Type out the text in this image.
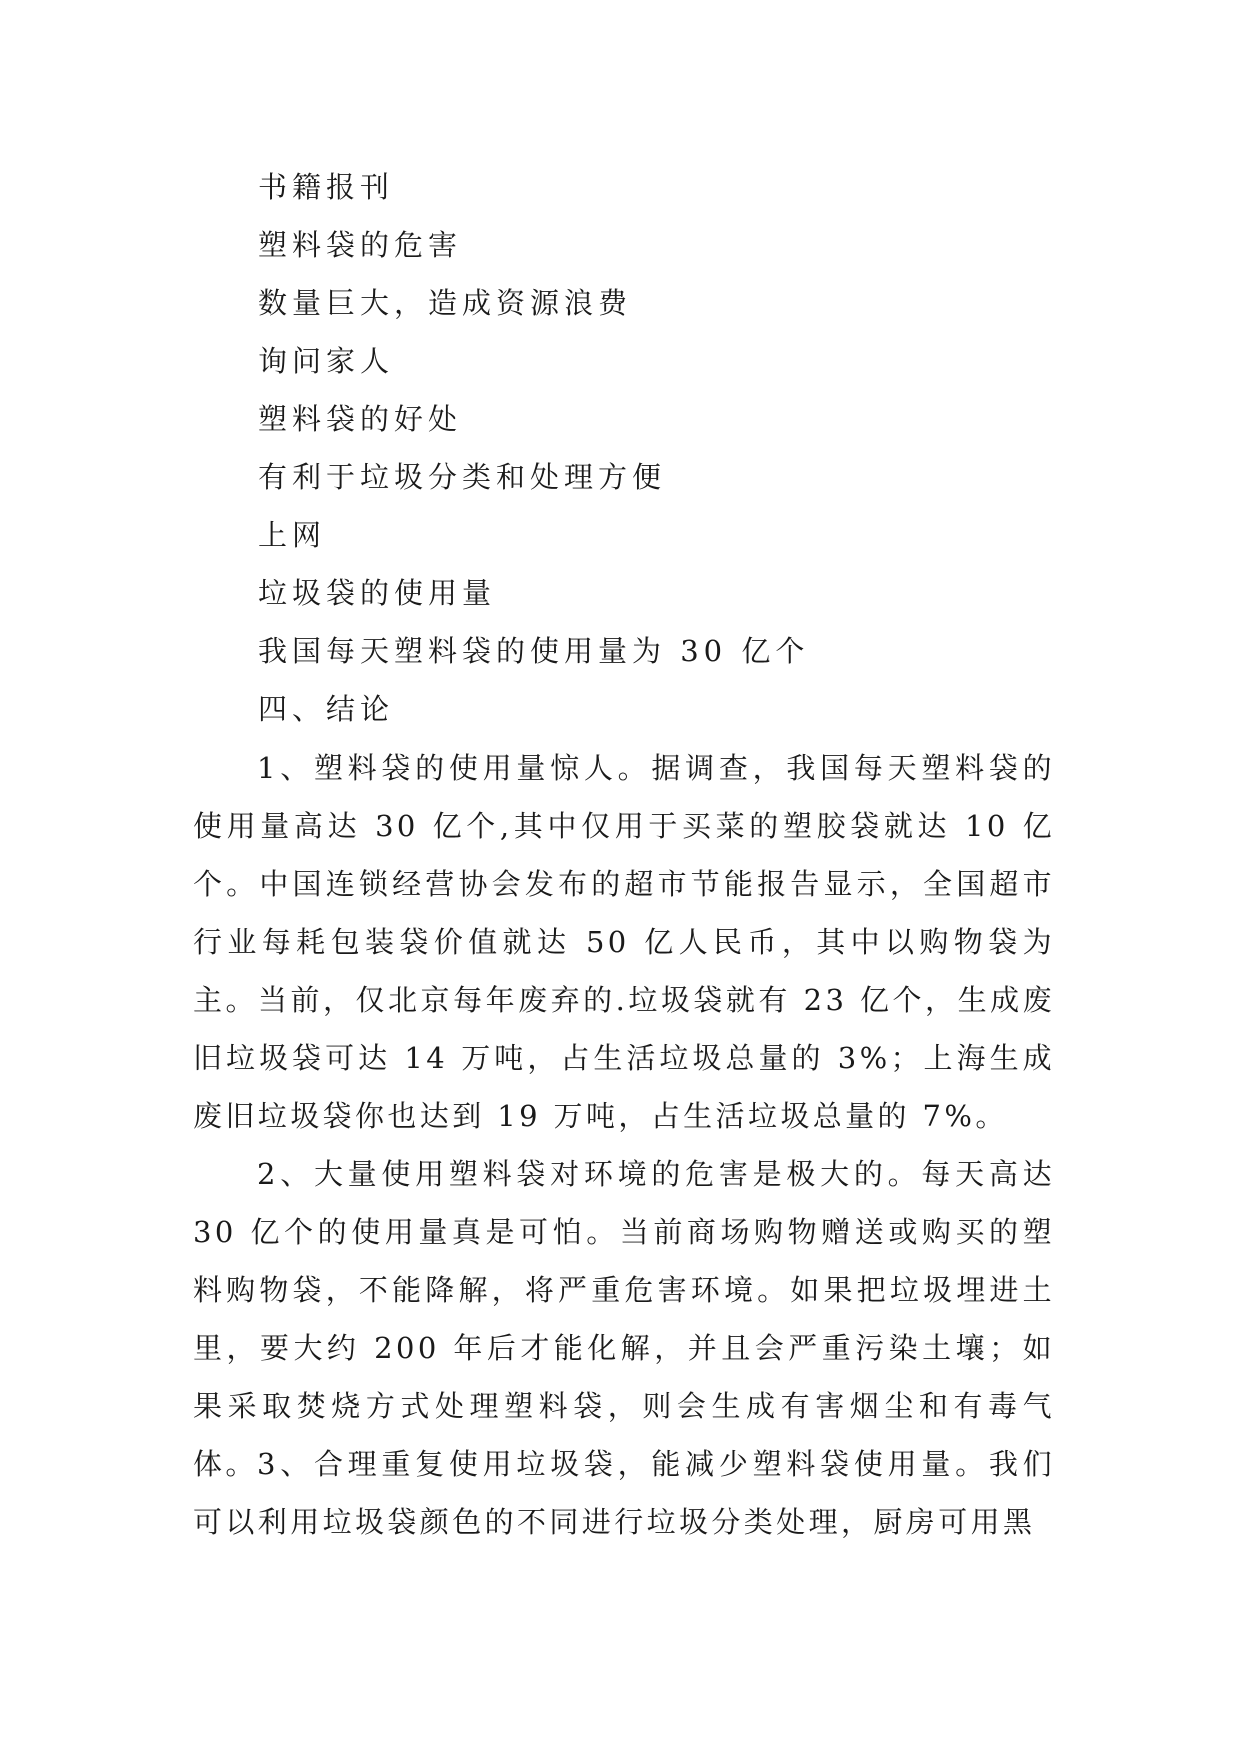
书籍报刊
塑料袋的危害
数量巨大，造成资源浪费
询问家人
塑料袋的好处
有利于垃圾分类和处理方便
上网
垃圾袋的使用量
我国每天塑料袋的使用量为 30 亿个
四、结论

1、塑料袋的使用量惊人。据调查，我国每天塑料袋的使用量高达 30 亿个,其中仅用于买菜的塑胶袋就达 10 亿个。中国连锁经营协会发布的超市节能报告显示，全国超市行业每耗包装袋价值就达 50 亿人民币，其中以购物袋为主。当前，仅北京每年废弃的.垃圾袋就有 23 亿个，生成废旧垃圾袋可达 14 万吨，占生活垃圾总量的 3%；上海生成废旧垃圾袋你也达到 19 万吨，占生活垃圾总量的 7%。

2、大量使用塑料袋对环境的危害是极大的。每天高达 30 亿个的使用量真是可怕。当前商场购物赠送或购买的塑料购物袋，不能降解，将严重危害环境。如果把垃圾埋进土里，要大约 200 年后才能化解，并且会严重污染土壤；如果采取焚烧方式处理塑料袋，则会生成有害烟尘和有毒气体。 3、合理重复使用垃圾袋，能减少塑料袋使用量。我们可以利用垃圾袋颜色的不同进行垃圾分类处理，厨房可用黑
